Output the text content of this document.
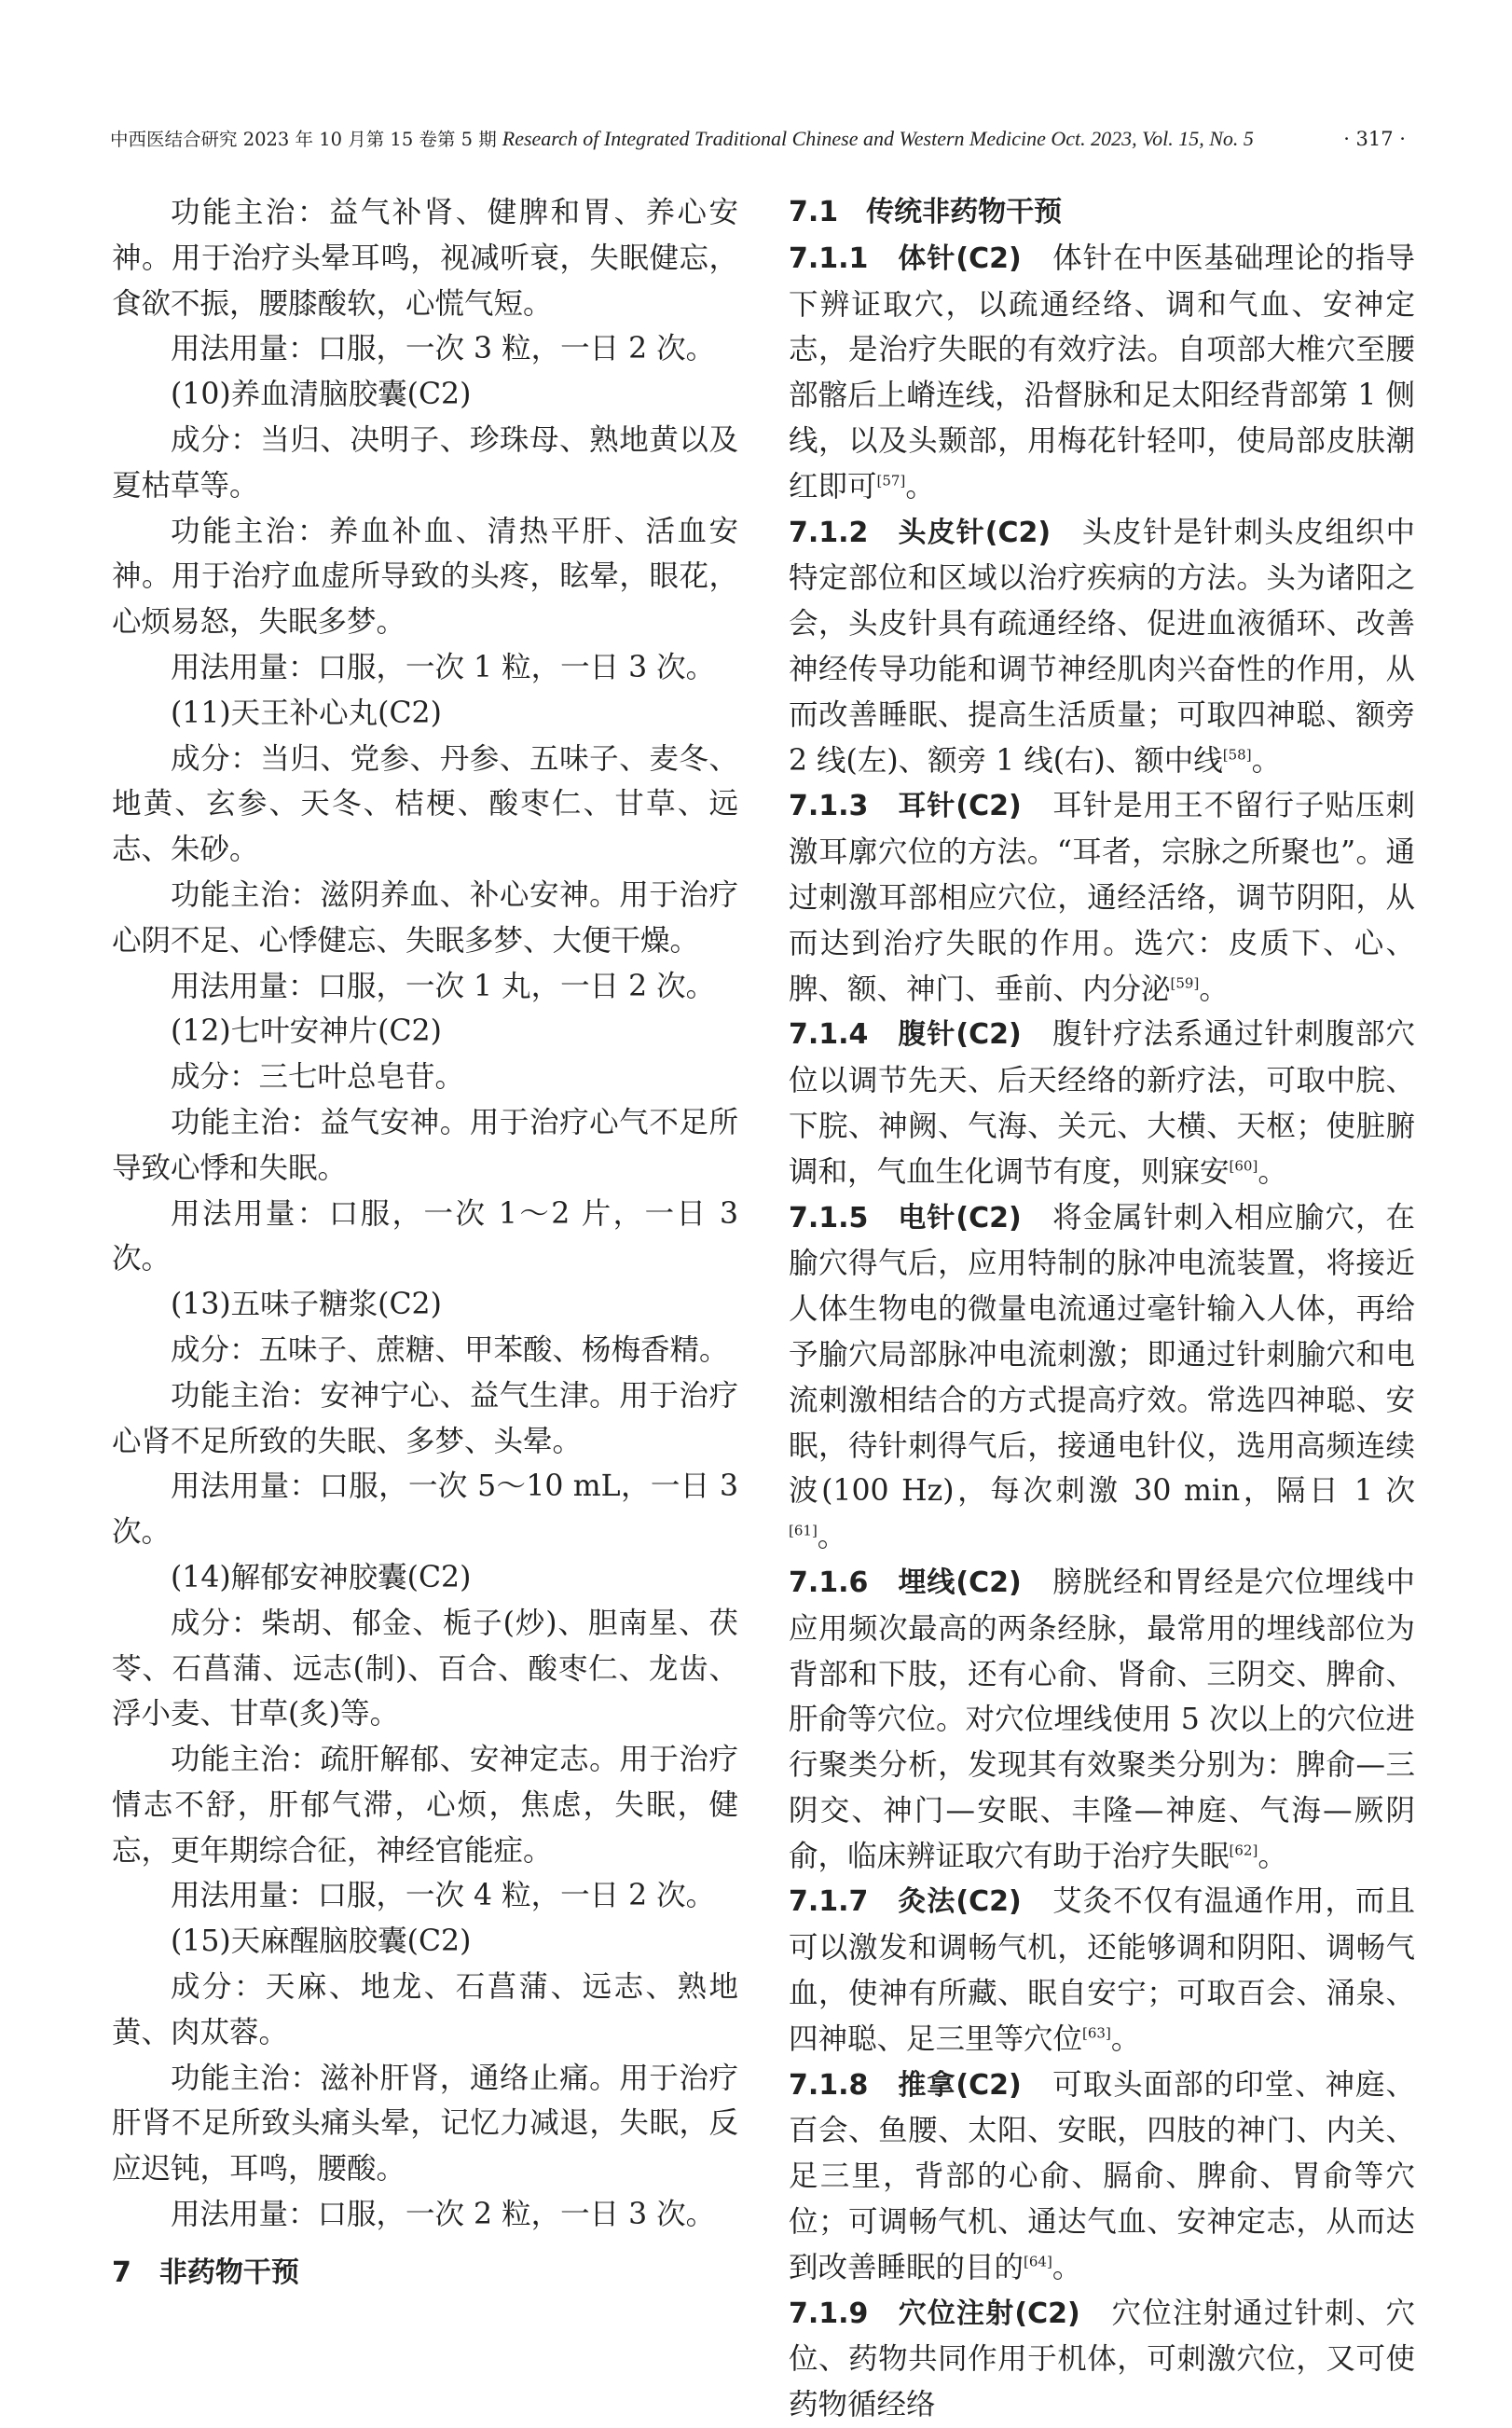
中西医结合研究 2023 年 10 月第 15 卷第 5 期 Research of Integrated Traditional Chinese and Western Medicine Oct. 2023, Vol. 15, No. 5	· 317 ·

功能主治：益气补肾、健脾和胃、养心安神。用于治疗头晕耳鸣，视减听衰，失眠健忘，食欲不振，腰膝酸软，心慌气短。

用法用量：口服，一次 3 粒，一日 2 次。

(10)养血清脑胶囊(C2)

成分：当归、决明子、珍珠母、熟地黄以及夏枯草等。

功能主治：养血补血、清热平肝、活血安神。用于治疗血虚所导致的头疼，眩晕，眼花，心烦易怒，失眠多梦。

用法用量：口服，一次 1 粒，一日 3 次。

(11)天王补心丸(C2)

成分：当归、党参、丹参、五味子、麦冬、地黄、玄参、天冬、桔梗、酸枣仁、甘草、远志、朱砂。

功能主治：滋阴养血、补心安神。用于治疗心阴不足、心悸健忘、失眠多梦、大便干燥。

用法用量：口服，一次 1 丸，一日 2 次。

(12)七叶安神片(C2)

成分：三七叶总皂苷。

功能主治：益气安神。用于治疗心气不足所导致心悸和失眠。

用法用量：口服，一次 1～2 片，一日 3 次。

(13)五味子糖浆(C2)

成分：五味子、蔗糖、甲苯酸、杨梅香精。

功能主治：安神宁心、益气生津。用于治疗心肾不足所致的失眠、多梦、头晕。

用法用量：口服，一次 5～10 mL，一日 3 次。

(14)解郁安神胶囊(C2)

成分：柴胡、郁金、栀子(炒)、胆南星、茯苓、石菖蒲、远志(制)、百合、酸枣仁、龙齿、浮小麦、甘草(炙)等。

功能主治：疏肝解郁、安神定志。用于治疗情志不舒，肝郁气滞，心烦，焦虑，失眠，健忘，更年期综合征，神经官能症。

用法用量：口服，一次 4 粒，一日 2 次。

(15)天麻醒脑胶囊(C2)

成分：天麻、地龙、石菖蒲、远志、熟地黄、肉苁蓉。

功能主治：滋补肝肾，通络止痛。用于治疗肝肾不足所致头痛头晕，记忆力减退，失眠，反应迟钝，耳鸣，腰酸。

用法用量：口服，一次 2 粒，一日 3 次。

7　非药物干预

7.1　传统非药物干预

7.1.1　体针(C2)　体针在中医基础理论的指导下辨证取穴，以疏通经络、调和气血、安神定志，是治疗失眠的有效疗法。自项部大椎穴至腰部髂后上嵴连线，沿督脉和足太阳经背部第 1 侧线，以及头颞部，用梅花针轻叩，使局部皮肤潮红即可[57]。

7.1.2　头皮针(C2)　头皮针是针刺头皮组织中特定部位和区域以治疗疾病的方法。头为诸阳之会，头皮针具有疏通经络、促进血液循环、改善神经传导功能和调节神经肌肉兴奋性的作用，从而改善睡眠、提高生活质量；可取四神聪、额旁 2 线(左)、额旁 1 线(右)、额中线[58]。

7.1.3　耳针(C2)　耳针是用王不留行子贴压刺激耳廓穴位的方法。“耳者，宗脉之所聚也”。通过刺激耳部相应穴位，通经活络，调节阴阳，从而达到治疗失眠的作用。选穴：皮质下、心、脾、额、神门、垂前、内分泌[59]。

7.1.4　腹针(C2)　腹针疗法系通过针刺腹部穴位以调节先天、后天经络的新疗法，可取中脘、下脘、神阙、气海、关元、大横、天枢；使脏腑调和，气血生化调节有度，则寐安[60]。

7.1.5　电针(C2)　将金属针刺入相应腧穴，在腧穴得气后，应用特制的脉冲电流装置，将接近人体生物电的微量电流通过毫针输入人体，再给予腧穴局部脉冲电流刺激；即通过针刺腧穴和电流刺激相结合的方式提高疗效。常选四神聪、安眠，待针刺得气后，接通电针仪，选用高频连续波(100 Hz)，每次刺激 30 min，隔日 1 次[61]。

7.1.6　埋线(C2)　膀胱经和胃经是穴位埋线中应用频次最高的两条经脉，最常用的埋线部位为背部和下肢，还有心俞、肾俞、三阴交、脾俞、肝俞等穴位。对穴位埋线使用 5 次以上的穴位进行聚类分析，发现其有效聚类分别为：脾俞—三阴交、神门—安眠、丰隆—神庭、气海—厥阴俞，临床辨证取穴有助于治疗失眠[62]。

7.1.7　灸法(C2)　艾灸不仅有温通作用，而且可以激发和调畅气机，还能够调和阴阳、调畅气血，使神有所藏、眠自安宁；可取百会、涌泉、四神聪、足三里等穴位[63]。

7.1.8　推拿(C2)　可取头面部的印堂、神庭、百会、鱼腰、太阳、安眠，四肢的神门、内关、足三里，背部的心俞、膈俞、脾俞、胃俞等穴位；可调畅气机、通达气血、安神定志，从而达到改善睡眠的目的[64]。

7.1.9　穴位注射(C2)　穴位注射通过针刺、穴位、药物共同作用于机体，可刺激穴位，又可使药物循经络
